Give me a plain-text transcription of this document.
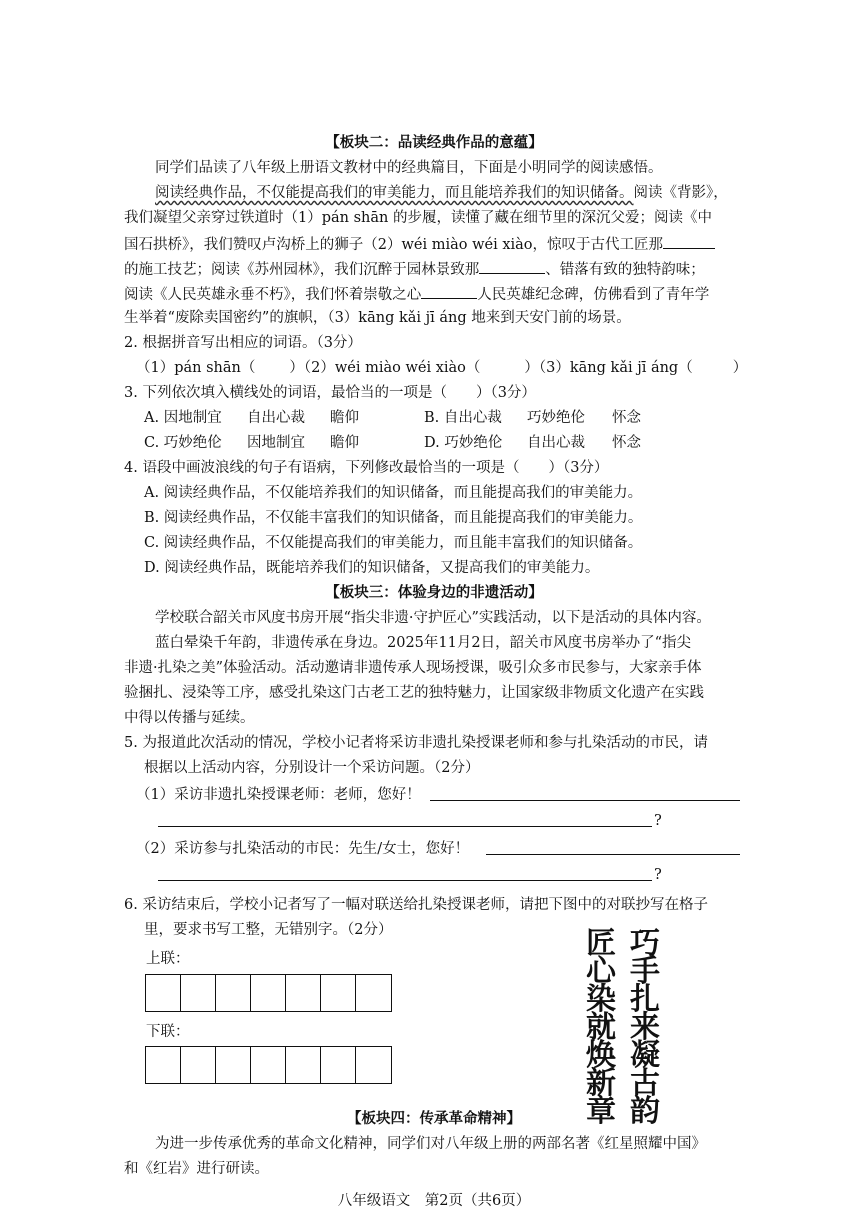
【板块二：品读经典作品的意蕴】
同学们品读了八年级上册语文教材中的经典篇目，下面是小明同学的阅读感悟。
阅读经典作品，不仅能提高我们的审美能力，而且能培养我们的知识储备。阅读《背影》，
我们凝望父亲穿过铁道时（1）pán shān 的步履，读懂了藏在细节里的深沉父爱；阅读《中
国石拱桥》，我们赞叹卢沟桥上的狮子（2）wéi miào wéi xiào，惊叹于古代工匠那
的施工技艺；阅读《苏州园林》，我们沉醉于园林景致那	、错落有致的独特韵味；
阅读《人民英雄永垂不朽》，我们怀着崇敬之心	人民英雄纪念碑，仿佛看到了青年学
生举着“废除卖国密约”的旗帜，（3）kāng kǎi jī áng 地来到天安门前的场景。
2. 根据拼音写出相应的词语。（3分）
（1）pán shān（ ）（2）wéi miào wéi xiào（	）（3）kāng kǎi jī áng（	）
3. 下列依次填入横线处的词语，最恰当的一项是（　　）（3分）
A. 因地制宜 自出心裁 瞻仰	B. 自出心裁 巧妙绝伦 怀念
C. 巧妙绝伦 因地制宜 瞻仰	D. 巧妙绝伦 自出心裁 怀念
4. 语段中画波浪线的句子有语病，下列修改最恰当的一项是（　　）（3分）
A. 阅读经典作品，不仅能培养我们的知识储备，而且能提高我们的审美能力。
B. 阅读经典作品，不仅能丰富我们的知识储备，而且能提高我们的审美能力。
C. 阅读经典作品，不仅能提高我们的审美能力，而且能丰富我们的知识储备。
D. 阅读经典作品，既能培养我们的知识储备，又提高我们的审美能力。
【板块三：体验身边的非遗活动】
学校联合韶关市风度书房开展“指尖非遗·守护匠心”实践活动，以下是活动的具体内容。
蓝白晕染千年韵，非遗传承在身边。2025年11月2日，韶关市风度书房举办了“指尖
非遗·扎染之美”体验活动。活动邀请非遗传承人现场授课，吸引众多市民参与，大家亲手体
验捆扎、浸染等工序，感受扎染这门古老工艺的独特魅力，让国家级非物质文化遗产在实践
中得以传播与延续。
5. 为报道此次活动的情况，学校小记者将采访非遗扎染授课老师和参与扎染活动的市民，请
根据以上活动内容，分别设计一个采访问题。（2分）
（1）采访非遗扎染授课老师：老师，您好！
?
（2）采访参与扎染活动的市民：先生/女士，您好！
?
6. 采访结束后，学校小记者写了一幅对联送给扎染授课老师，请把下图中的对联抄写在格子
里，要求书写工整，无错别字。（2分）
上联：
下联：
巧
手
扎
来
凝
古
韵
匠
心
染
就
焕
新
章
【板块四：传承革命精神】
为进一步传承优秀的革命文化精神，同学们对八年级上册的两部名著《红星照耀中国》
和《红岩》进行研读。
八年级语文　第2页（共6页）
